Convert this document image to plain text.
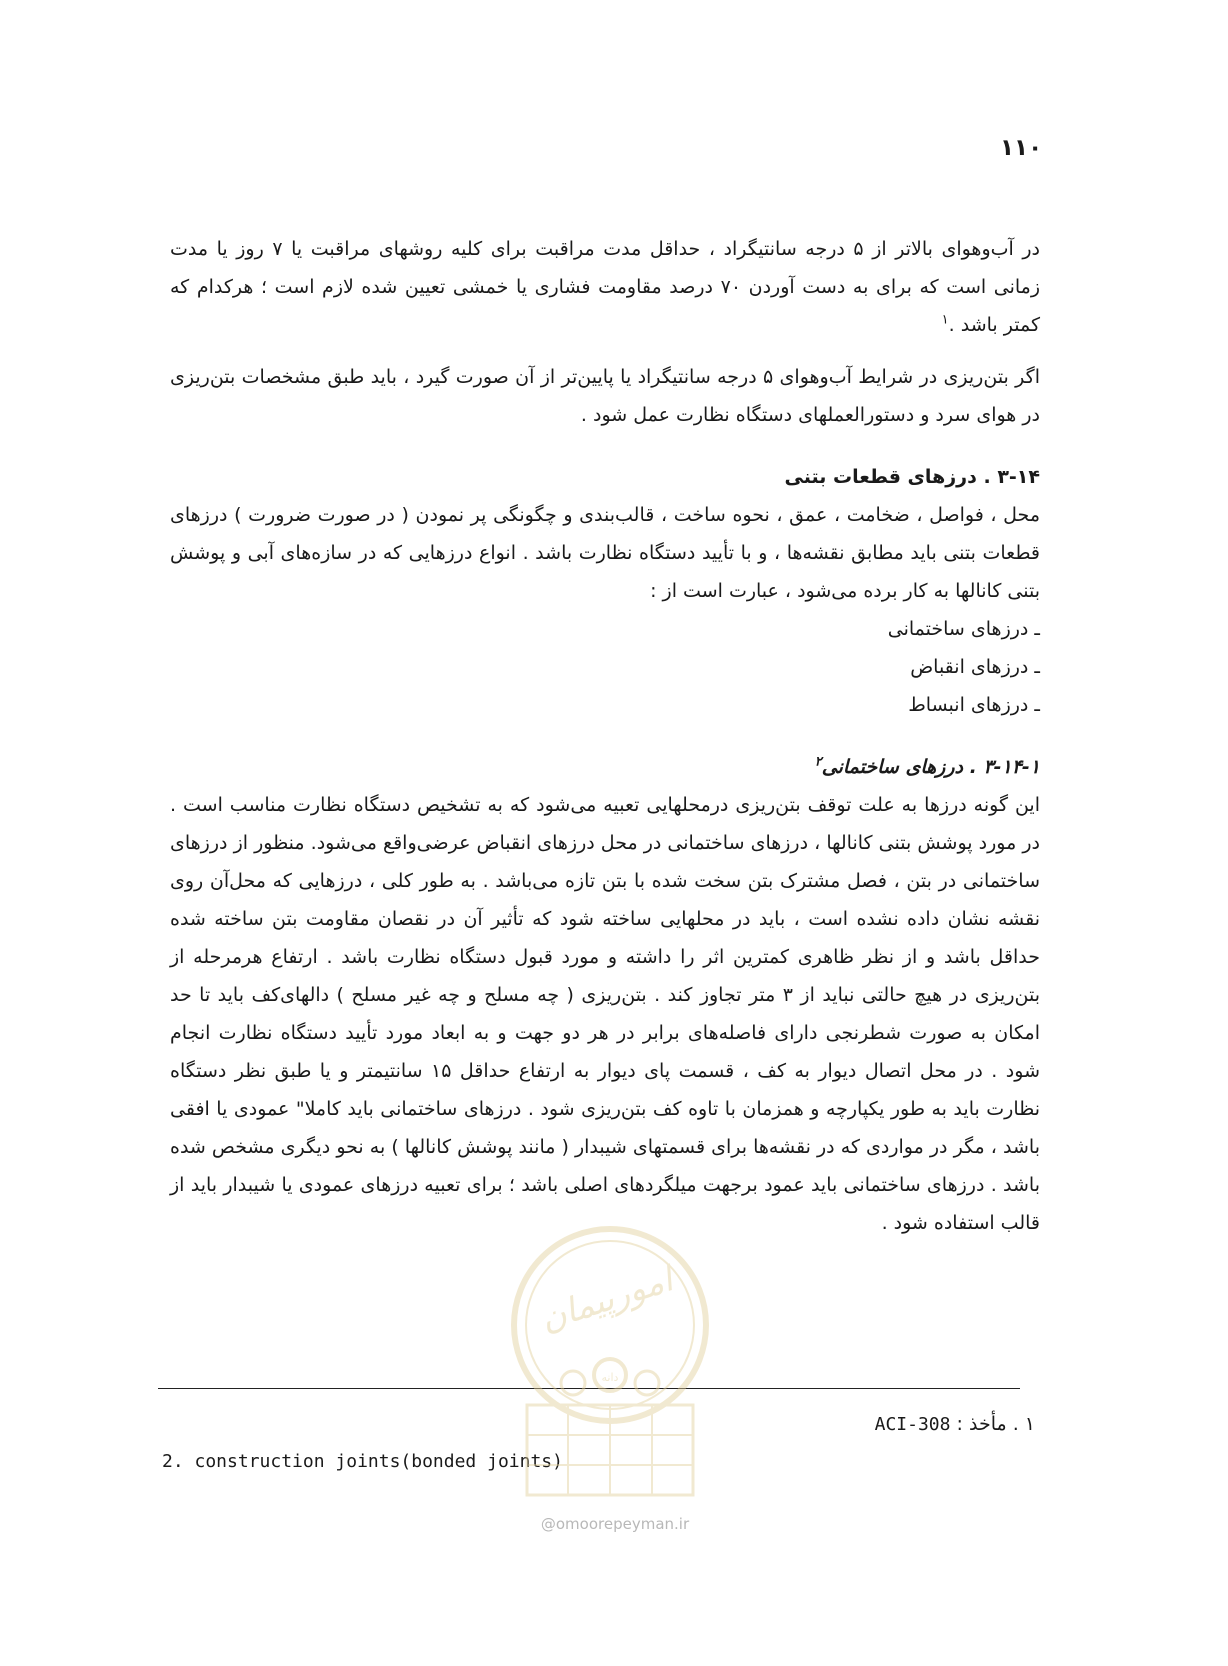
۱۱۰

در آب‌وهوای بالاتر از ۵ درجه سانتیگراد ، حداقل مدت مراقبت برای کلیه روشهای مراقبت یا ۷ روز یا مدت زمانی است که برای به دست آوردن ۷۰ درصد مقاومت فشاری یا خمشی تعیین شده لازم است ؛ هرکدام که کمتر باشد .$^۱$

اگر بتن‌ریزی در شرایط آب‌وهوای ۵ درجه سانتیگراد یا پایین‌تر از آن صورت گیرد ، باید طبق مشخصات بتن‌ریزی در هوای سرد و دستورالعملهای دستگاه نظارت عمل شود .

۳-۱۴ . درزهای قطعات بتنی

محل ، فواصل ، ضخامت ، عمق ، نحوه ساخت ، قالب‌بندی و چگونگی پر نمودن ( در صورت ضرورت ) درزهای قطعات بتنی باید مطابق نقشه‌ها ، و با تأیید دستگاه نظارت باشد . انواع درزهایی که در سازه‌های آبی و پوشش بتنی کانالها به کار برده می‌شود ، عبارت است از :

ـ درزهای ساختمانی
ـ درزهای انقباض
ـ درزهای انبساط

۳-۱۴-۱ . درزهای ساختمانی$^۲$

این گونه درزها به علت توقف بتن‌ریزی درمحلهایی تعبیه می‌شود که به تشخیص دستگاه نظارت مناسب است . در مورد پوشش بتنی کانالها ، درزهای ساختمانی در محل درزهای انقباض عرضی‌واقع می‌شود. منظور از درزهای ساختمانی در بتن ، فصل مشترک بتن سخت شده با بتن تازه می‌باشد . به طور کلی ، درزهایی که محل‌آن روی نقشه نشان داده نشده است ، باید در محلهایی ساخته شود که تأثیر آن در نقصان مقاومت بتن ساخته شده حداقل باشد و از نظر ظاهری کمترین اثر را داشته و مورد قبول دستگاه نظارت باشد . ارتفاع هرمرحله از بتن‌ریزی در هیچ حالتی نباید از ۳ متر تجاوز کند . بتن‌ریزی ( چه مسلح و چه غیر مسلح ) دالهای‌کف باید تا حد امکان به صورت شطرنجی دارای فاصله‌های برابر در هر دو جهت و به ابعاد مورد تأیید دستگاه نظارت انجام شود . در محل اتصال دیوار به کف ، قسمت پای دیوار به ارتفاع حداقل ۱۵ سانتیمتر و یا طبق نظر دستگاه نظارت باید به طور یکپارچه و همزمان با تاوه کف بتن‌ریزی شود . درزهای ساختمانی باید کاملا" عمودی یا افقی باشد ، مگر در مواردی که در نقشه‌ها برای قسمتهای شیبدار ( مانند پوشش کانالها ) به نحو دیگری مشخص شده باشد . درزهای ساختمانی باید عمود برجهت میلگردهای اصلی باشد ؛ برای تعبیه درزهای عمودی یا شیبدار باید از قالب استفاده شود .

۱ . مأخذ : ACI-308
2. construction joints(bonded joints)
امورپیمان
دانه
@omoorepeyman.ir
